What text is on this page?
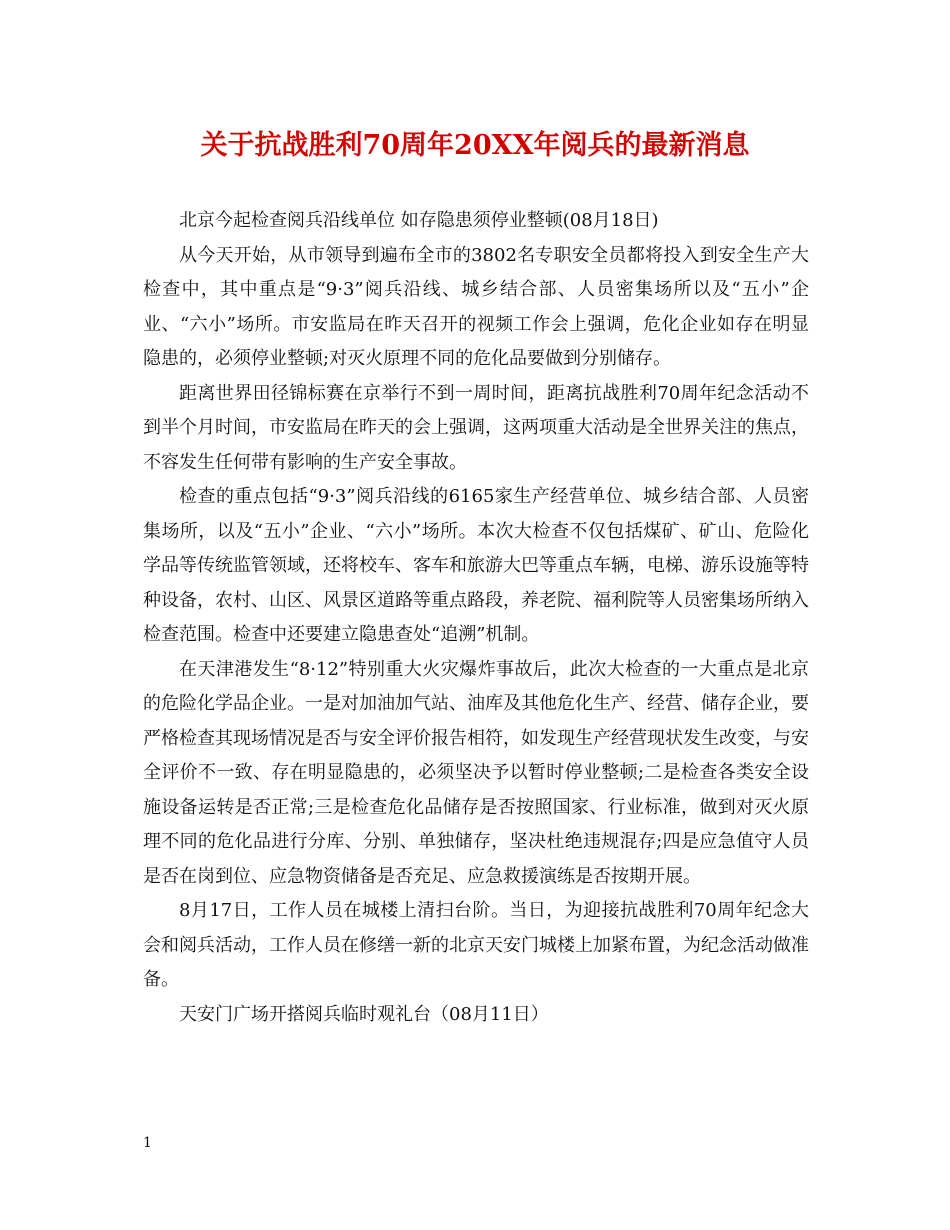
关于抗战胜利70周年20XX年阅兵的最新消息

北京今起检查阅兵沿线单位 如存隐患须停业整顿(08月18日)

从今天开始，从市领导到遍布全市的3802名专职安全员都将投入到安全生产大检查中，其中重点是“9·3”阅兵沿线、城乡结合部、人员密集场所以及“五小”企业、“六小”场所。市安监局在昨天召开的视频工作会上强调，危化企业如存在明显隐患的，必须停业整顿;对灭火原理不同的危化品要做到分别储存。

距离世界田径锦标赛在京举行不到一周时间，距离抗战胜利70周年纪念活动不到半个月时间，市安监局在昨天的会上强调，这两项重大活动是全世界关注的焦点，不容发生任何带有影响的生产安全事故。

检查的重点包括“9·3”阅兵沿线的6165家生产经营单位、城乡结合部、人员密集场所，以及“五小”企业、“六小”场所。本次大检查不仅包括煤矿、矿山、危险化学品等传统监管领域，还将校车、客车和旅游大巴等重点车辆，电梯、游乐设施等特种设备，农村、山区、风景区道路等重点路段，养老院、福利院等人员密集场所纳入检查范围。检查中还要建立隐患查处“追溯”机制。

在天津港发生“8·12”特别重大火灾爆炸事故后，此次大检查的一大重点是北京的危险化学品企业。一是对加油加气站、油库及其他危化生产、经营、储存企业，要严格检查其现场情况是否与安全评价报告相符，如发现生产经营现状发生改变，与安全评价不一致、存在明显隐患的，必须坚决予以暂时停业整顿;二是检查各类安全设施设备运转是否正常;三是检查危化品储存是否按照国家、行业标准，做到对灭火原理不同的危化品进行分库、分别、单独储存，坚决杜绝违规混存;四是应急值守人员是否在岗到位、应急物资储备是否充足、应急救援演练是否按期开展。

8月17日，工作人员在城楼上清扫台阶。当日，为迎接抗战胜利70周年纪念大会和阅兵活动，工作人员在修缮一新的北京天安门城楼上加紧布置，为纪念活动做准备。

天安门广场开搭阅兵临时观礼台（08月11日）

1
